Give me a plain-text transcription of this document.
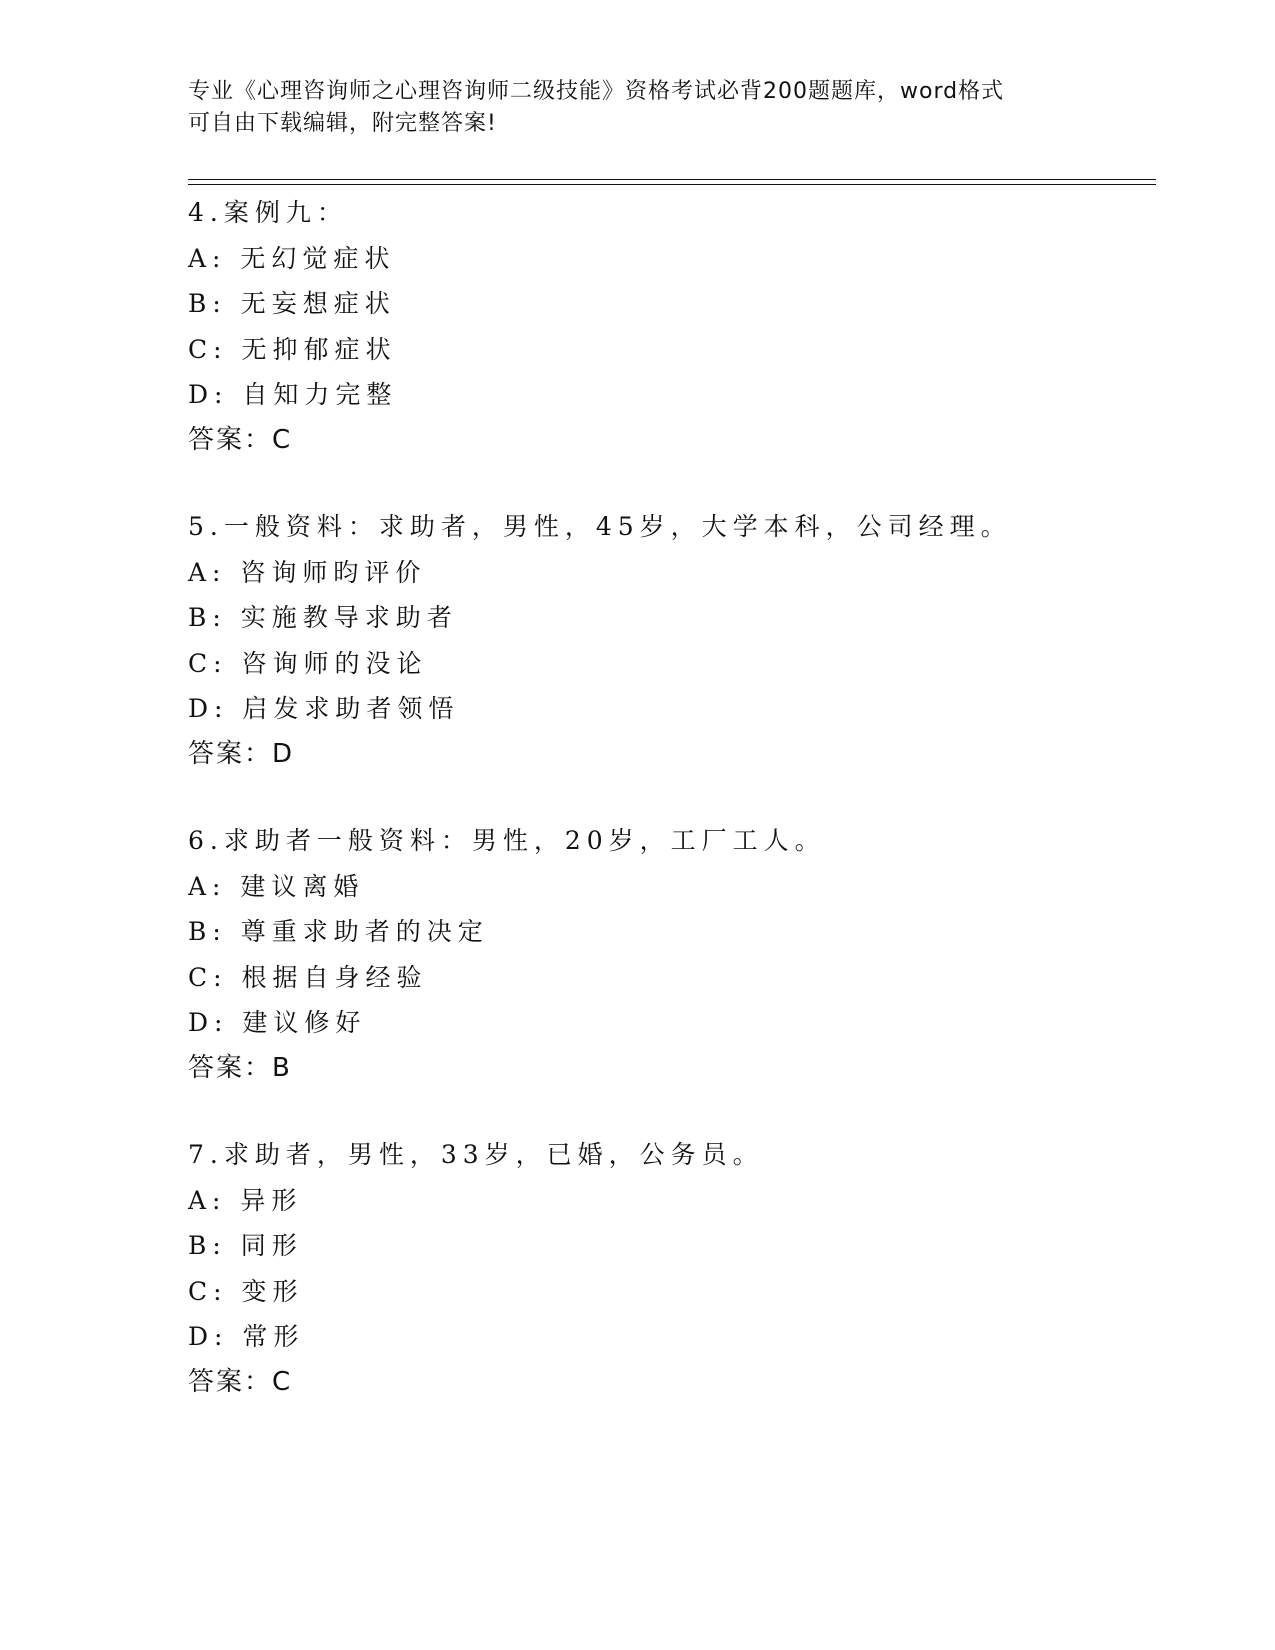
专业《心理咨询师之心理咨询师二级技能》资格考试必背200题题库，word格式
可自由下载编辑，附完整答案!
4.案例九：
A: 无幻觉症状
B: 无妄想症状
C: 无抑郁症状
D: 自知力完整
答案：C
5.一般资料：求助者，男性，45岁，大学本科，公司经理。
A: 咨询师昀评价
B: 实施教导求助者
C: 咨询师的没论
D: 启发求助者领悟
答案：D
6.求助者一般资料：男性，20岁，工厂工人。
A: 建议离婚
B: 尊重求助者的决定
C: 根据自身经验
D: 建议修好
答案：B
7.求助者，男性，33岁，已婚，公务员。
A: 异形
B: 同形
C: 变形
D: 常形
答案：C
